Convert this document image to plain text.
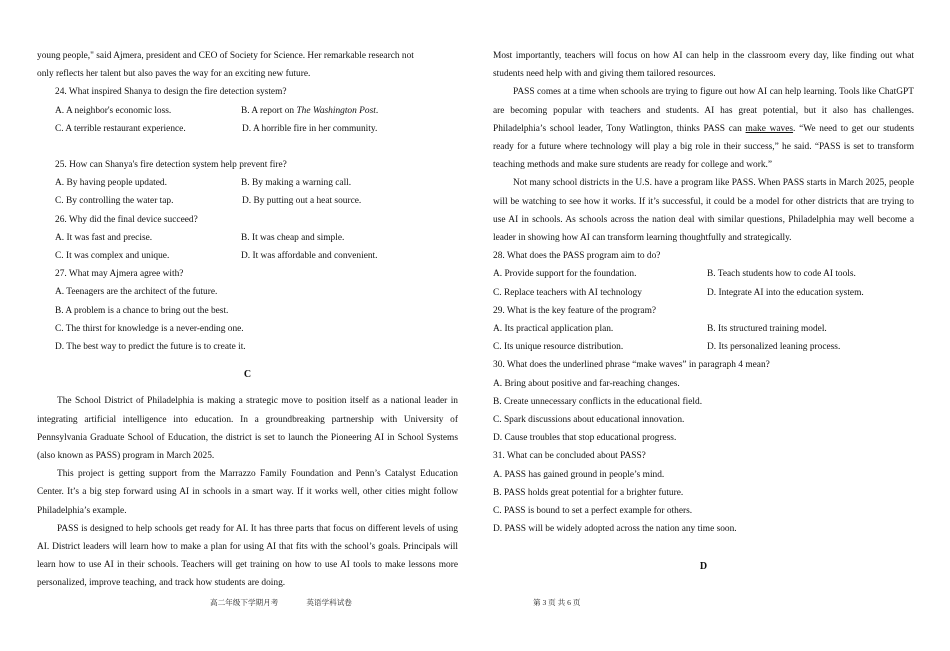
young people," said Ajmera, president and CEO of Society for Science. Her remarkable research not

only reflects her talent but also paves the way for an exciting new future.

24. What inspired Shanya to design the fire detection system?

A. A neighbor's economic loss.	B. A report on The Washington Post.
C. A terrible restaurant experience.	D. A horrible fire in her community.

25. How can Shanya's fire detection system help prevent fire?

A. By having people updated.	B. By making a warning call.
C. By controlling the water tap.	D. By putting out a heat source.

26. Why did the final device succeed?

A. It was fast and precise.	B. It was cheap and simple.
C. It was complex and unique.	D. It was affordable and convenient.

27. What may Ajmera agree with?

A. Teenagers are the architect of the future.

B. A problem is a chance to bring out the best.

C. The thirst for knowledge is a never-ending one.

D. The best way to predict the future is to create it.

C

The School District of Philadelphia is making a strategic move to position itself as a national leader in integrating artificial intelligence into education. In a groundbreaking partnership with University of Pennsylvania Graduate School of Education, the district is set to launch the Pioneering AI in School Systems (also known as PASS) program in March 2025.

This project is getting support from the Marrazzo Family Foundation and Penn’s Catalyst Education Center. It’s a big step forward using AI in schools in a smart way. If it works well, other cities might follow Philadelphia’s example.

PASS is designed to help schools get ready for AI. It has three parts that focus on different levels of using AI. District leaders will learn how to make a plan for using AI that fits with the school’s goals. Principals will learn how to use AI in their schools. Teachers will get training on how to use AI tools to make lessons more personalized, improve teaching, and track how students are doing.

Most importantly, teachers will focus on how AI can help in the classroom every day, like finding out what students need help with and giving them tailored resources.

PASS comes at a time when schools are trying to figure out how AI can help learning. Tools like ChatGPT are becoming popular with teachers and students. AI has great potential, but it also has challenges. Philadelphia’s school leader, Tony Watlington, thinks PASS can make waves. “We need to get our students ready for a future where technology will play a big role in their success,” he said. “PASS is set to transform teaching methods and make sure students are ready for college and work.”

Not many school districts in the U.S. have a program like PASS. When PASS starts in March 2025, people will be watching to see how it works. If it’s successful, it could be a model for other districts that are trying to use AI in schools. As schools across the nation deal with similar questions, Philadelphia may well become a leader in showing how AI can transform learning thoughtfully and strategically.

28. What does the PASS program aim to do?

A. Provide support for the foundation.	B. Teach students how to code AI tools.
C. Replace teachers with AI technology	D. Integrate AI into the education system.

29. What is the key feature of the program?

A. Its practical application plan.	B. Its structured training model.
C. Its unique resource distribution.	D. Its personalized leaning process.

30. What does the underlined phrase “make waves” in paragraph 4 mean?

A. Bring about positive and far-reaching changes.

B. Create unnecessary conflicts in the educational field.

C. Spark discussions about educational innovation.

D. Cause troubles that stop educational progress.

31. What can be concluded about PASS?

A. PASS has gained ground in people’s mind.

B. PASS holds great potential for a brighter future.

C. PASS is bound to set a perfect example for others.

D. PASS will be widely adopted across the nation any time soon.

D
高二年级下学期月考	英语学科试卷	第 3 页 共 6 页
